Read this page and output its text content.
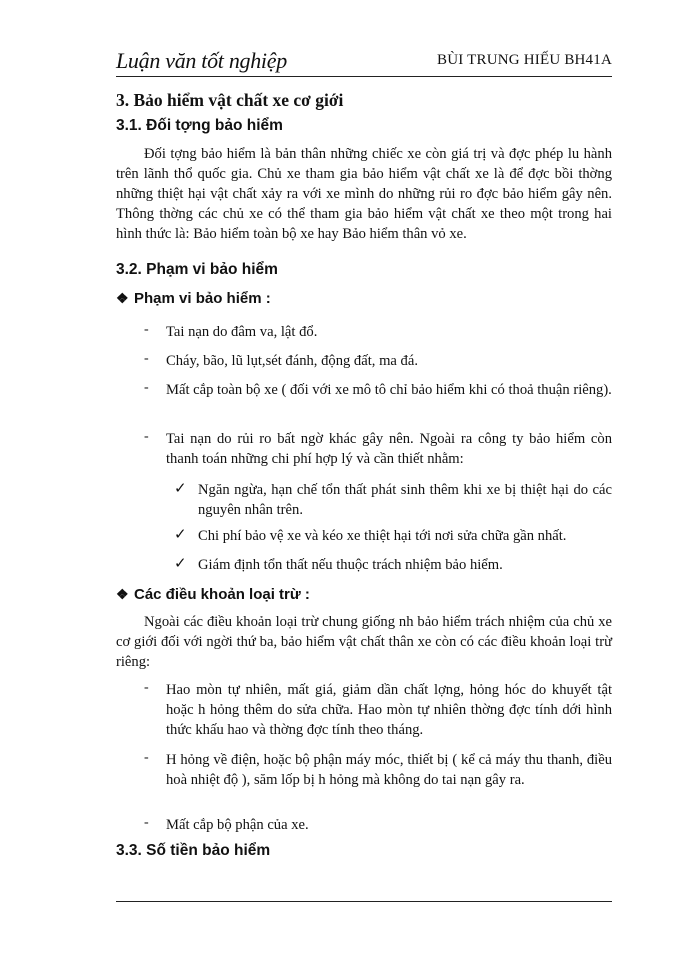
Luận văn tốt nghiệp	BÙI TRUNG HIẾU BH41A
3. Bảo hiểm vật chất xe cơ giới
3.1. Đối tợng bảo hiểm
Đối tợng bảo hiểm là bản thân những chiếc xe còn giá trị và đợc phép lu hành trên lãnh thổ quốc gia. Chủ xe tham gia bảo hiểm vật chất xe là để đợc bồi thờng những thiệt hại vật chất xảy ra với xe mình do những rủi ro đợc bảo hiểm gây nên. Thông thờng các chủ xe có thể tham gia bảo hiểm vật chất xe theo một trong hai hình thức là: Bảo hiểm toàn bộ xe hay Bảo hiểm thân vỏ xe.
3.2. Phạm vi bảo hiểm
❖ Phạm vi bảo hiểm :
- Tai nạn do đâm va, lật đổ.
- Cháy, bão, lũ lụt,sét đánh, động đất, ma đá.
- Mất cắp toàn bộ xe ( đối với xe mô tô chỉ bảo hiểm khi có thoả thuận riêng).
- Tai nạn do rủi ro bất ngờ khác gây nên. Ngoài ra công ty bảo hiểm còn thanh toán những chi phí hợp lý và cần thiết nhằm:
✓ Ngăn ngừa, hạn chế tổn thất phát sinh thêm khi xe bị thiệt hại do các nguyên nhân trên.
✓ Chi phí bảo vệ xe và kéo xe thiệt hại tới nơi sửa chữa gần nhất.
✓ Giám định tổn thất nếu thuộc trách nhiệm bảo hiểm.
❖ Các điều khoản loại trừ :
Ngoài các điều khoản loại trừ chung giống nh bảo hiểm trách nhiệm của chủ xe cơ giới đối với ngời thứ ba, bảo hiểm vật chất thân xe còn có các điều khoản loại trừ riêng:
- Hao mòn tự nhiên, mất giá, giảm dần chất lợng, hỏng hóc do khuyết tật hoặc h hỏng thêm do sửa chữa. Hao mòn tự nhiên thờng đợc tính dới hình thức khấu hao và thờng đợc tính theo tháng.
- H hỏng về điện, hoặc bộ phận máy móc, thiết bị ( kể cả máy thu thanh, điều hoà nhiệt độ ), săm lốp bị h hỏng mà không do tai nạn gây ra.
- Mất cắp bộ phận của xe.
3.3. Số tiền bảo hiểm
